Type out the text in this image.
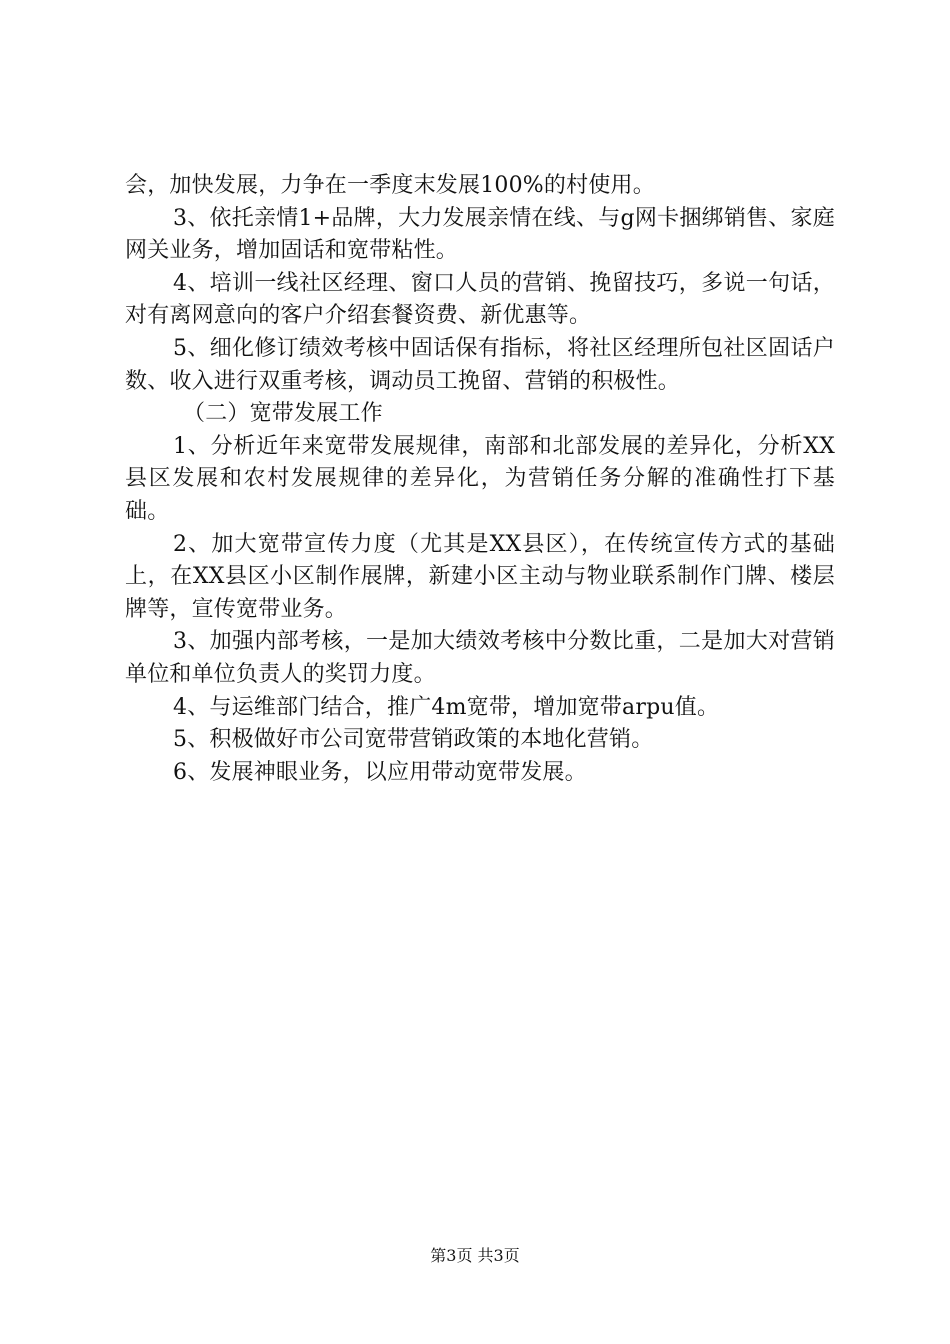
会，加快发展，力争在一季度末发展100%的村使用。

3、依托亲情1+品牌，大力发展亲情在线、与g网卡捆绑销售、家庭网关业务，增加固话和宽带粘性。

4、培训一线社区经理、窗口人员的营销、挽留技巧，多说一句话，对有离网意向的客户介绍套餐资费、新优惠等。

5、细化修订绩效考核中固话保有指标，将社区经理所包社区固话户数、收入进行双重考核，调动员工挽留、营销的积极性。

（二）宽带发展工作

1、分析近年来宽带发展规律，南部和北部发展的差异化，分析XX县区发展和农村发展规律的差异化，为营销任务分解的准确性打下基础。

2、加大宽带宣传力度（尤其是XX县区），在传统宣传方式的基础上，在XX县区小区制作展牌，新建小区主动与物业联系制作门牌、楼层牌等，宣传宽带业务。

3、加强内部考核，一是加大绩效考核中分数比重，二是加大对营销单位和单位负责人的奖罚力度。

4、与运维部门结合，推广4m宽带，增加宽带arpu值。

5、积极做好市公司宽带营销政策的本地化营销。

6、发展神眼业务，以应用带动宽带发展。

第3页 共3页
